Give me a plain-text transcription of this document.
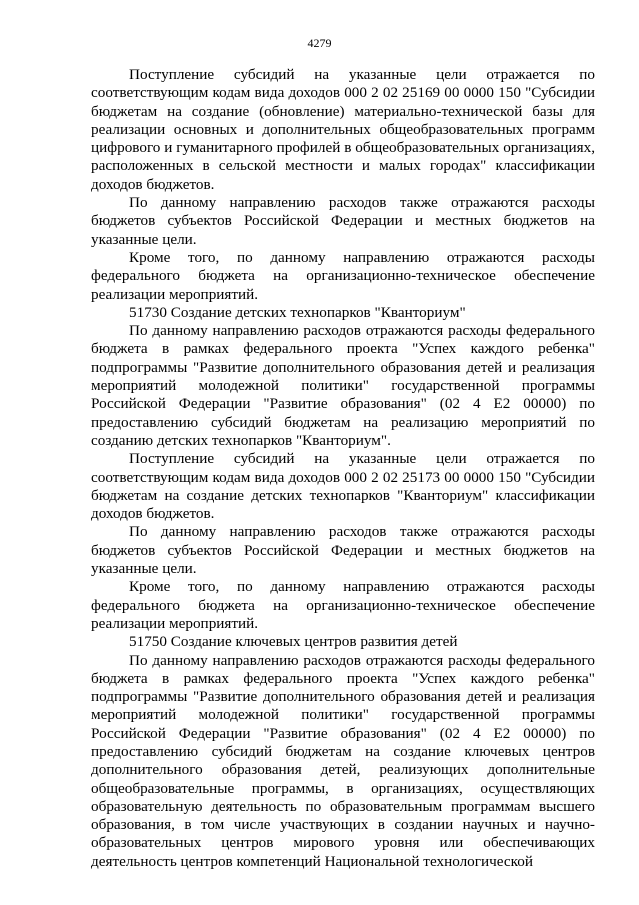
4279

Поступление субсидий на указанные цели отражается по соответствующим кодам вида доходов 000 2 02 25169 00 0000 150 "Субсидии бюджетам на создание (обновление) материально-технической базы для реализации основных и дополнительных общеобразовательных программ цифрового и гуманитарного профилей в общеобразовательных организациях, расположенных в сельской местности и малых городах" классификации доходов бюджетов.

По данному направлению расходов также отражаются расходы бюджетов субъектов Российской Федерации и местных бюджетов на указанные цели.

Кроме того, по данному направлению отражаются расходы федерального бюджета на организационно-техническое обеспечение реализации мероприятий.

51730 Создание детских технопарков "Кванториум"

По данному направлению расходов отражаются расходы федерального бюджета в рамках федерального проекта "Успех каждого ребенка" подпрограммы "Развитие дополнительного образования детей и реализация мероприятий молодежной политики" государственной программы Российской Федерации "Развитие образования" (02 4 Е2 00000) по предоставлению субсидий бюджетам на реализацию мероприятий по созданию детских технопарков "Кванториум".

Поступление субсидий на указанные цели отражается по соответствующим кодам вида доходов 000 2 02 25173 00 0000 150 "Субсидии бюджетам на создание детских технопарков "Кванториум" классификации доходов бюджетов.

По данному направлению расходов также отражаются расходы бюджетов субъектов Российской Федерации и местных бюджетов на указанные цели.

Кроме того, по данному направлению отражаются расходы федерального бюджета на организационно-техническое обеспечение реализации мероприятий.

51750 Создание ключевых центров развития детей

По данному направлению расходов отражаются расходы федерального бюджета в рамках федерального проекта "Успех каждого ребенка" подпрограммы "Развитие дополнительного образования детей и реализация мероприятий молодежной политики" государственной программы Российской Федерации "Развитие образования" (02 4 Е2 00000) по предоставлению субсидий бюджетам на создание ключевых центров дополнительного образования детей, реализующих дополнительные общеобразовательные программы, в организациях, осуществляющих образовательную деятельность по образовательным программам высшего образования, в том числе участвующих в создании научных и научно-образовательных центров мирового уровня или обеспечивающих деятельность центров компетенций Национальной технологической
